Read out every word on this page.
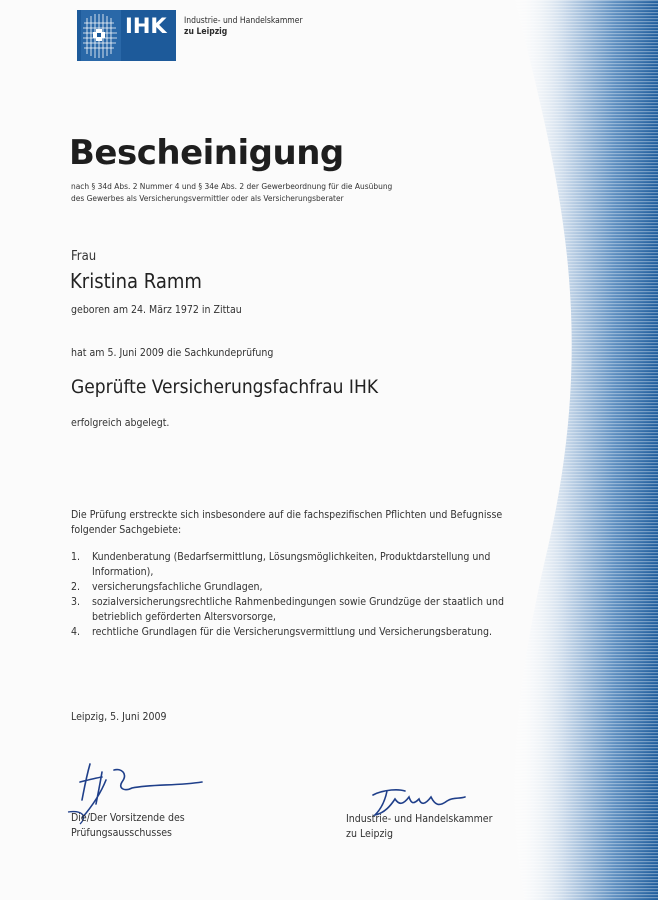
IHK Industrie- und Handelskammer
zu Leipzig
Bescheinigung
nach § 34d Abs. 2 Nummer 4 und § 34e Abs. 2 der Gewerbeordnung für die Ausübung
des Gewerbes als Versicherungsvermittler oder als Versicherungsberater
Frau
Kristina Ramm
geboren am 24. März 1972 in Zittau
hat am 5. Juni 2009 die Sachkundeprüfung
Geprüfte Versicherungsfachfrau IHK
erfolgreich abgelegt.
Die Prüfung erstreckte sich insbesondere auf die fachspezifischen Pflichten und Befugnisse folgender Sachgebiete:
1. Kundenberatung (Bedarfsermittlung, Lösungsmöglichkeiten, Produktdarstellung und Information),
2. versicherungsfachliche Grundlagen,
3. sozialversicherungsrechtliche Rahmenbedingungen sowie Grundzüge der staatlich und betrieblich geförderten Altersvorsorge,
4. rechtliche Grundlagen für die Versicherungsvermittlung und Versicherungsberatung.
Leipzig, 5. Juni 2009
Die/Der Vorsitzende des
Prüfungsausschusses
Industrie- und Handelskammer
zu Leipzig
